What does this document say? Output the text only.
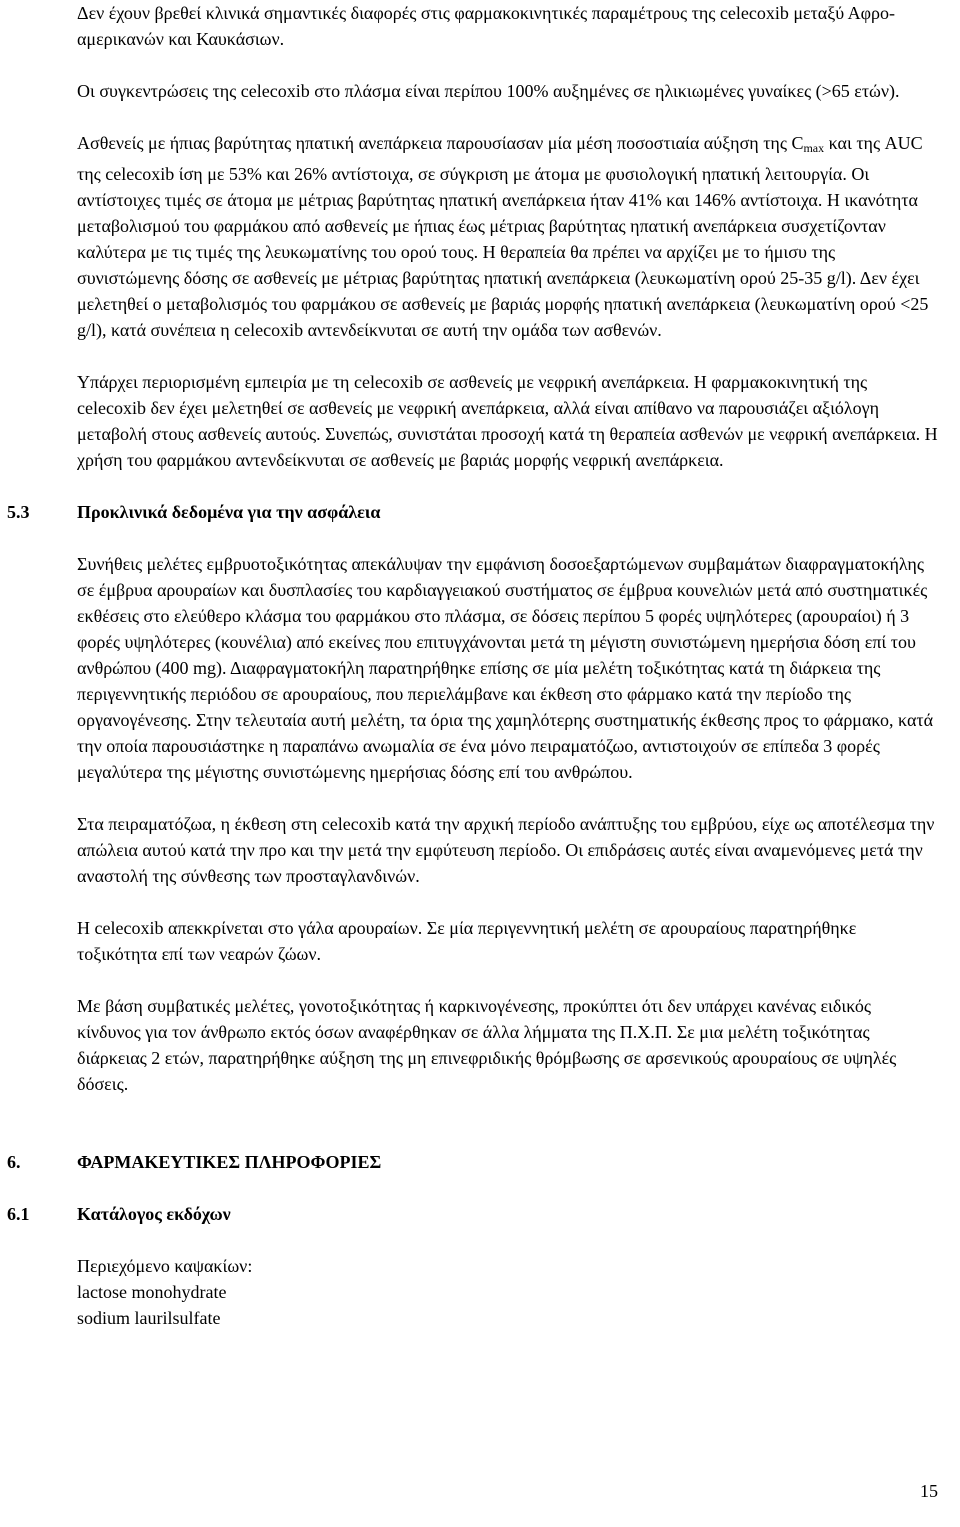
Δεν έχουν βρεθεί κλινικά σημαντικές διαφορές στις φαρμακοκινητικές παραμέτρους της celecoxib μεταξύ Αφρο-αμερικανών και Καυκάσιων.

Οι συγκεντρώσεις της celecoxib στο πλάσμα είναι περίπου 100% αυξημένες σε ηλικιωμένες γυναίκες (>65 ετών).

Ασθενείς με ήπιας βαρύτητας ηπατική ανεπάρκεια παρουσίασαν μία μέση ποσοστιαία αύξηση της $C_{max}$ και της AUC της celecoxib ίση με 53% και 26% αντίστοιχα, σε σύγκριση με άτομα με φυσιολογική ηπατική λειτουργία. Οι αντίστοιχες τιμές σε άτομα με μέτριας βαρύτητας ηπατική ανεπάρκεια ήταν 41% και 146% αντίστοιχα. Η ικανότητα μεταβολισμού του φαρμάκου από ασθενείς με ήπιας έως μέτριας βαρύτητας ηπατική ανεπάρκεια συσχετίζονταν καλύτερα με τις τιμές της λευκωματίνης του ορού τους. Η θεραπεία θα πρέπει να αρχίζει με το ήμισυ της συνιστώμενης δόσης σε ασθενείς με μέτριας βαρύτητας ηπατική ανεπάρκεια (λευκωματίνη ορού 25-35 g/l). Δεν έχει μελετηθεί ο μεταβολισμός του φαρμάκου σε ασθενείς με βαριάς μορφής ηπατική ανεπάρκεια (λευκωματίνη ορού <25 g/l), κατά συνέπεια η celecoxib αντενδείκνυται σε αυτή την ομάδα των ασθενών.

Υπάρχει περιορισμένη εμπειρία με τη celecoxib σε ασθενείς με νεφρική ανεπάρκεια. Η φαρμακοκινητική της celecoxib δεν έχει μελετηθεί σε ασθενείς με νεφρική ανεπάρκεια, αλλά είναι απίθανο να παρουσιάζει αξιόλογη μεταβολή στους ασθενείς αυτούς. Συνεπώς, συνιστάται προσοχή κατά τη θεραπεία ασθενών με νεφρική ανεπάρκεια. Η χρήση του φαρμάκου αντενδείκνυται σε ασθενείς με βαριάς μορφής νεφρική ανεπάρκεια.

5.3	Προκλινικά δεδομένα για την ασφάλεια

Συνήθεις μελέτες εμβρυοτοξικότητας απεκάλυψαν την εμφάνιση δοσοεξαρτώμενων συμβαμάτων διαφραγματοκήλης σε έμβρυα αρουραίων και δυσπλασίες του καρδιαγγειακού συστήματος σε έμβρυα κουνελιών μετά από συστηματικές εκθέσεις στο ελεύθερο κλάσμα του φαρμάκου στο πλάσμα, σε δόσεις περίπου 5 φορές υψηλότερες (αρουραίοι) ή 3 φορές υψηλότερες (κουνέλια) από εκείνες που επιτυγχάνονται μετά τη μέγιστη συνιστώμενη ημερήσια δόση επί του ανθρώπου (400 mg). Διαφραγματοκήλη παρατηρήθηκε επίσης σε μία μελέτη τοξικότητας κατά τη διάρκεια της περιγεννητικής περιόδου σε αρουραίους, που περιελάμβανε και έκθεση στο φάρμακο κατά την περίοδο της οργανογένεσης. Στην τελευταία αυτή μελέτη, τα όρια της χαμηλότερης συστηματικής έκθεσης προς το φάρμακο, κατά την οποία παρουσιάστηκε η παραπάνω ανωμαλία σε ένα μόνο πειραματόζωο, αντιστοιχούν σε επίπεδα 3 φορές μεγαλύτερα της μέγιστης συνιστώμενης ημερήσιας δόσης επί του ανθρώπου.

Στα πειραματόζωα, η έκθεση στη celecoxib κατά την αρχική περίοδο ανάπτυξης του εμβρύου, είχε ως αποτέλεσμα την απώλεια αυτού κατά την προ και την μετά την εμφύτευση περίοδο. Οι επιδράσεις αυτές είναι αναμενόμενες μετά την αναστολή της σύνθεσης των προσταγλανδινών.

Η celecoxib απεκκρίνεται στο γάλα αρουραίων. Σε μία περιγεννητική μελέτη σε αρουραίους παρατηρήθηκε τοξικότητα επί των νεαρών ζώων.

Με βάση συμβατικές μελέτες, γονοτοξικότητας ή καρκινογένεσης, προκύπτει ότι δεν υπάρχει κανένας ειδικός κίνδυνος για τον άνθρωπο εκτός όσων αναφέρθηκαν σε άλλα λήμματα της Π.Χ.Π. Σε μια μελέτη τοξικότητας διάρκειας 2 ετών, παρατηρήθηκε αύξηση της μη επινεφριδικής θρόμβωσης σε αρσενικούς αρουραίους σε υψηλές δόσεις.

6.	ΦΑΡΜΑΚΕΥΤΙΚΕΣ ΠΛΗΡΟΦΟΡΙΕΣ
6.1	Κατάλογος εκδόχων
Περιεχόμενο καψακίων:
lactose monohydrate
sodium laurilsulfate
15
